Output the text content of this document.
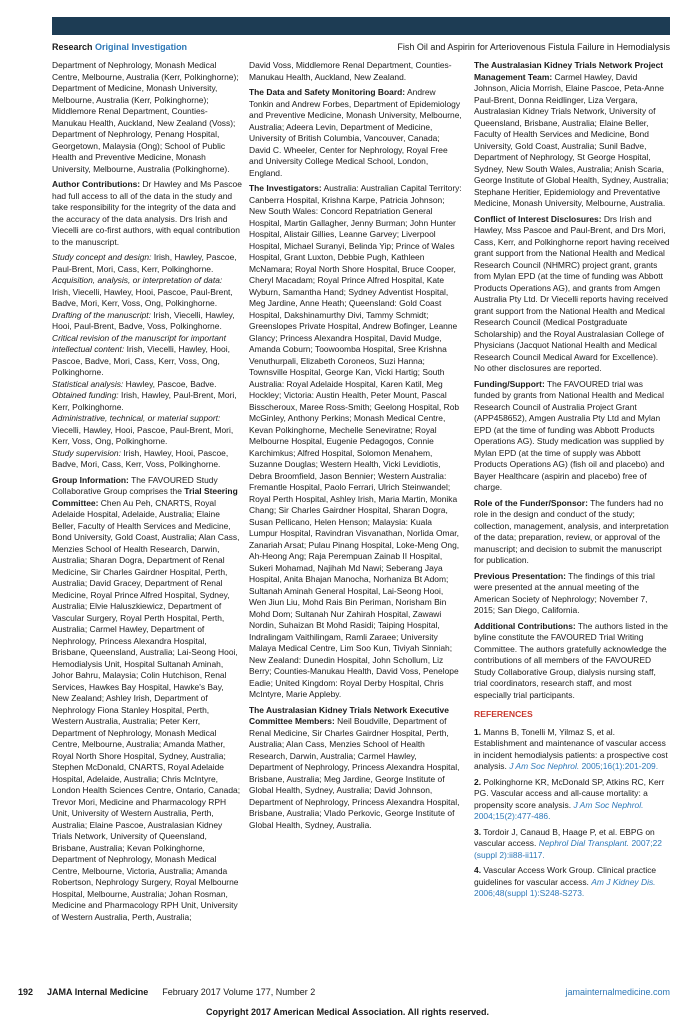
Research Original Investigation	Fish Oil and Aspirin for Arteriovenous Fistula Failure in Hemodialysis

Department of Nephrology, Monash Medical Centre, Melbourne, Australia (Kerr, Polkinghorne); Department of Medicine, Monash University, Melbourne, Australia (Kerr, Polkinghorne); Middlemore Renal Department, Counties-Manukau Health, Auckland, New Zealand (Voss); Department of Nephrology, Penang Hospital, Georgetown, Malaysia (Ong); School of Public Health and Preventive Medicine, Monash University, Melbourne, Australia (Polkinghorne).

Author Contributions: Dr Hawley and Ms Pascoe had full access to all of the data in the study and take responsibility for the integrity of the data and the accuracy of the data analysis. Drs Irish and Viecelli are co-first authors, with equal contribution to the manuscript.

Study concept and design: Irish, Hawley, Pascoe, Paul-Brent, Mori, Cass, Kerr, Polkinghorne.
Acquisition, analysis, or interpretation of data: Irish, Viecelli, Hawley, Hooi, Pascoe, Paul-Brent, Badve, Mori, Kerr, Voss, Ong, Polkinghorne.
Drafting of the manuscript: Irish, Viecelli, Hawley, Hooi, Paul-Brent, Badve, Voss, Polkinghorne.
Critical revision of the manuscript for important intellectual content: Irish, Viecelli, Hawley, Hooi, Pascoe, Badve, Mori, Cass, Kerr, Voss, Ong, Polkinghorne.
Statistical analysis: Hawley, Pascoe, Badve.
Obtained funding: Irish, Hawley, Paul-Brent, Mori, Kerr, Polkinghorne.
Administrative, technical, or material support: Viecelli, Hawley, Hooi, Pascoe, Paul-Brent, Mori, Kerr, Voss, Ong, Polkinghorne.
Study supervision: Irish, Hawley, Hooi, Pascoe, Badve, Mori, Cass, Kerr, Voss, Polkinghorne.

Group Information: The FAVOURED Study Collaborative Group comprises the Trial Steering Committee: Chen Au Peh, CNARTS, Royal Adelaide Hospital, Adelaide, Australia; Elaine Beller, Faculty of Health Services and Medicine, Bond University, Gold Coast, Australia; Alan Cass, Menzies School of Health Research, Darwin, Australia; Sharan Dogra, Department of Renal Medicine, Sir Charles Gairdner Hospital, Perth, Australia; David Gracey, Department of Renal Medicine, Royal Prince Alfred Hospital, Sydney, Australia; Elvie Haluszkiewicz, Department of Vascular Surgery, Royal Perth Hospital, Perth, Australia; Carmel Hawley, Department of Nephrology, Princess Alexandra Hospital, Brisbane, Queensland, Australia; Lai-Seong Hooi, Hemodialysis Unit, Hospital Sultanah Aminah, Johor Bahru, Malaysia; Colin Hutchison, Renal Services, Hawkes Bay Hospital, Hawke's Bay, New Zealand; Ashley Irish, Department of Nephrology Fiona Stanley Hospital, Perth, Western Australia, Australia; Peter Kerr, Department of Nephrology, Monash Medical Centre, Melbourne, Australia; Amanda Mather, Royal North Shore Hospital, Sydney, Australia; Stephen McDonald, CNARTS, Royal Adelaide Hospital, Adelaide, Australia; Chris McIntyre, London Health Sciences Centre, Ontario, Canada; Trevor Mori, Medicine and Pharmacology RPH Unit, University of Western Australia, Perth, Australia; Elaine Pascoe, Australasian Kidney Trials Network, University of Queensland, Brisbane, Australia; Kevan Polkinghorne, Department of Nephrology, Monash Medical Centre, Melbourne, Victoria, Australia; Amanda Robertson, Nephrology Surgery, Royal Melbourne Hospital, Melbourne, Australia; Johan Rosman, Medicine and Pharmacology RPH Unit, University of Western Australia, Perth, Australia;

David Voss, Middlemore Renal Department, Counties-Manukau Health, Auckland, New Zealand.

The Data and Safety Monitoring Board: Andrew Tonkin and Andrew Forbes, Department of Epidemiology and Preventive Medicine, Monash University, Melbourne, Australia; Adeera Levin, Department of Medicine, University of British Columbia, Vancouver, Canada; David C. Wheeler, Center for Nephrology, Royal Free and University College Medical School, London, England.

The Investigators: Australia: Australian Capital Territory: Canberra Hospital, Krishna Karpe, Patricia Johnson; New South Wales: Concord Repatriation General Hospital, Martin Gallagher, Jenny Burman; John Hunter Hospital, Alistair Gillies, Leanne Garvey; Liverpool Hospital, Michael Suranyi, Belinda Yip; Prince of Wales Hospital, Grant Luxton, Debbie Pugh, Kathleen McNamara; Royal North Shore Hospital, Bruce Cooper, Cheryl Macadam; Royal Prince Alfred Hospital, Kate Wyburn, Samantha Hand; Sydney Adventist Hospital, Meg Jardine, Anne Heath; Queensland: Gold Coast Hospital, Dakshinamurthy Divi, Tammy Schmidt; Greenslopes Private Hospital, Andrew Bofinger, Leanne Glancy; Princess Alexandra Hospital, David Mudge, Amanda Coburn; Toowoomba Hospital, Sree Krishna Venuthurpali, Elizabeth Coroneos, Suzi Hanna; Townsville Hospital, George Kan, Vicki Hartig; South Australia: Royal Adelaide Hospital, Karen Katil, Meg Hockley; Victoria: Austin Health, Peter Mount, Pascal Bisscheroux, Maree Ross-Smith; Geelong Hospital, Rob McGinley, Anthony Perkins; Monash Medical Centre, Kevan Polkinghorne, Mechelle Seneviratne; Royal Melbourne Hospital, Eugenie Pedagogos, Connie Karchimkus; Alfred Hospital, Solomon Menahem, Suzanne Douglas; Western Health, Vicki Levidiotis, Debra Broomfield, Jason Bennier; Western Australia: Fremantle Hospital, Paolo Ferrari, Ulrich Steinwandel; Royal Perth Hospital, Ashley Irish, Maria Martin, Monika Chang; Sir Charles Gairdner Hospital, Sharan Dogra, Susan Pellicano, Helen Henson; Malaysia: Kuala Lumpur Hospital, Ravindran Visvanathan, Norlida Omar, Zanariah Arsat; Pulau Pinang Hospital, Loke-Meng Ong, Ah-Heong Ang; Raja Perempuan Zainab II Hospital, Sukeri Mohamad, Najihah Md Nawi; Seberang Jaya Hospital, Anita Bhajan Manocha, Norhaniza Bt Adom; Sultanah Aminah General Hospital, Lai-Seong Hooi, Wen Jiun Liu, Mohd Rais Bin Periman, Norisham Bin Mohd Dom; Sultanah Nur Zahirah Hospital, Zawawi Nordin, Suhaizan Bt Mohd Rasidi; Taiping Hospital, Indralingam Vaithilingam, Ramli Zaraee; University Malaya Medical Centre, Lim Soo Kun, Tiviyah Sinniah; New Zealand: Dunedin Hospital, John Schollum, Liz Berry; Counties-Manukau Health, David Voss, Penelope Eadie; United Kingdom: Royal Derby Hospital, Chris McIntyre, Marie Appleby.

The Australasian Kidney Trials Network Executive Committee Members: Neil Boudville, Department of Renal Medicine, Sir Charles Gairdner Hospital, Perth, Australia; Alan Cass, Menzies School of Health Research, Darwin, Australia; Carmel Hawley, Department of Nephrology, Princess Alexandra Hospital, Brisbane, Australia; Meg Jardine, George Institute of Global Health, Sydney, Australia; David Johnson, Department of Nephrology, Princess Alexandra Hospital, Brisbane, Australia; Vlado Perkovic, George Institute of Global Health, Sydney, Australia.

The Australasian Kidney Trials Network Project Management Team: Carmel Hawley, David Johnson, Alicia Morrish, Elaine Pascoe, Peta-Anne Paul-Brent, Donna Reidlinger, Liza Vergara, Australasian Kidney Trials Network, University of Queensland, Brisbane, Australia; Elaine Beller, Faculty of Health Services and Medicine, Bond University, Gold Coast, Australia; Sunil Badve, Department of Nephrology, St George Hospital, Sydney, New South Wales, Australia; Anish Scaria, George Institute of Global Health, Sydney, Australia; Stephane Heritier, Epidemiology and Preventative Medicine, Monash University, Melbourne, Australia.

Conflict of Interest Disclosures: Drs Irish and Hawley, Mss Pascoe and Paul-Brent, and Drs Mori, Cass, Kerr, and Polkinghorne report having received grant support from the National Health and Medical Research Council (NHMRC) project grant, grants from Mylan EPD (at the time of funding was Abbott Products Operations AG), and grants from Amgen Australia Pty Ltd. Dr Viecelli reports having received grant support from the National Health and Medical Research Council (Medical Postgraduate Scholarship) and the Royal Australasian College of Physicians (Jacquot National Health and Medical Research Council Medical Award for Excellence). No other disclosures are reported.

Funding/Support: The FAVOURED trial was funded by grants from National Health and Medical Research Council of Australia Project Grant (APP458652), Amgen Australia Pty Ltd and Mylan EPD (at the time of funding was Abbott Products Operations AG). Study medication was supplied by Mylan EPD (at the time of supply was Abbott Products Operations AG) (fish oil and placebo) and Bayer Healthcare (aspirin and placebo) free of charge.

Role of the Funder/Sponsor: The funders had no role in the design and conduct of the study; collection, management, analysis, and interpretation of the data; preparation, review, or approval of the manuscript; and decision to submit the manuscript for publication.

Previous Presentation: The findings of this trial were presented at the annual meeting of the American Society of Nephrology; November 7, 2015; San Diego, California.

Additional Contributions: The authors listed in the byline constitute the FAVOURED Trial Writing Committee. The authors gratefully acknowledge the contributions of all members of the FAVOURED Study Collaborative Group, dialysis nursing staff, trial coordinators, research staff, and most especially trial participants.

REFERENCES
1. Manns B, Tonelli M, Yilmaz S, et al. Establishment and maintenance of vascular access in incident hemodialysis patients: a prospective cost analysis. J Am Soc Nephrol. 2005;16(1):201-209.
2. Polkinghorne KR, McDonald SP, Atkins RC, Kerr PG. Vascular access and all-cause mortality: a propensity score analysis. J Am Soc Nephrol. 2004;15(2):477-486.
3. Tordoir J, Canaud B, Haage P, et al. EBPG on vascular access. Nephrol Dial Transplant. 2007;22 (suppl 2):ii88-ii117.
4. Vascular Access Work Group. Clinical practice guidelines for vascular access. Am J Kidney Dis. 2006;48(suppl 1):S248-S273.
192 JAMA Internal Medicine February 2017 Volume 177, Number 2	jamainternalmedicine.com
Copyright 2017 American Medical Association. All rights reserved.
